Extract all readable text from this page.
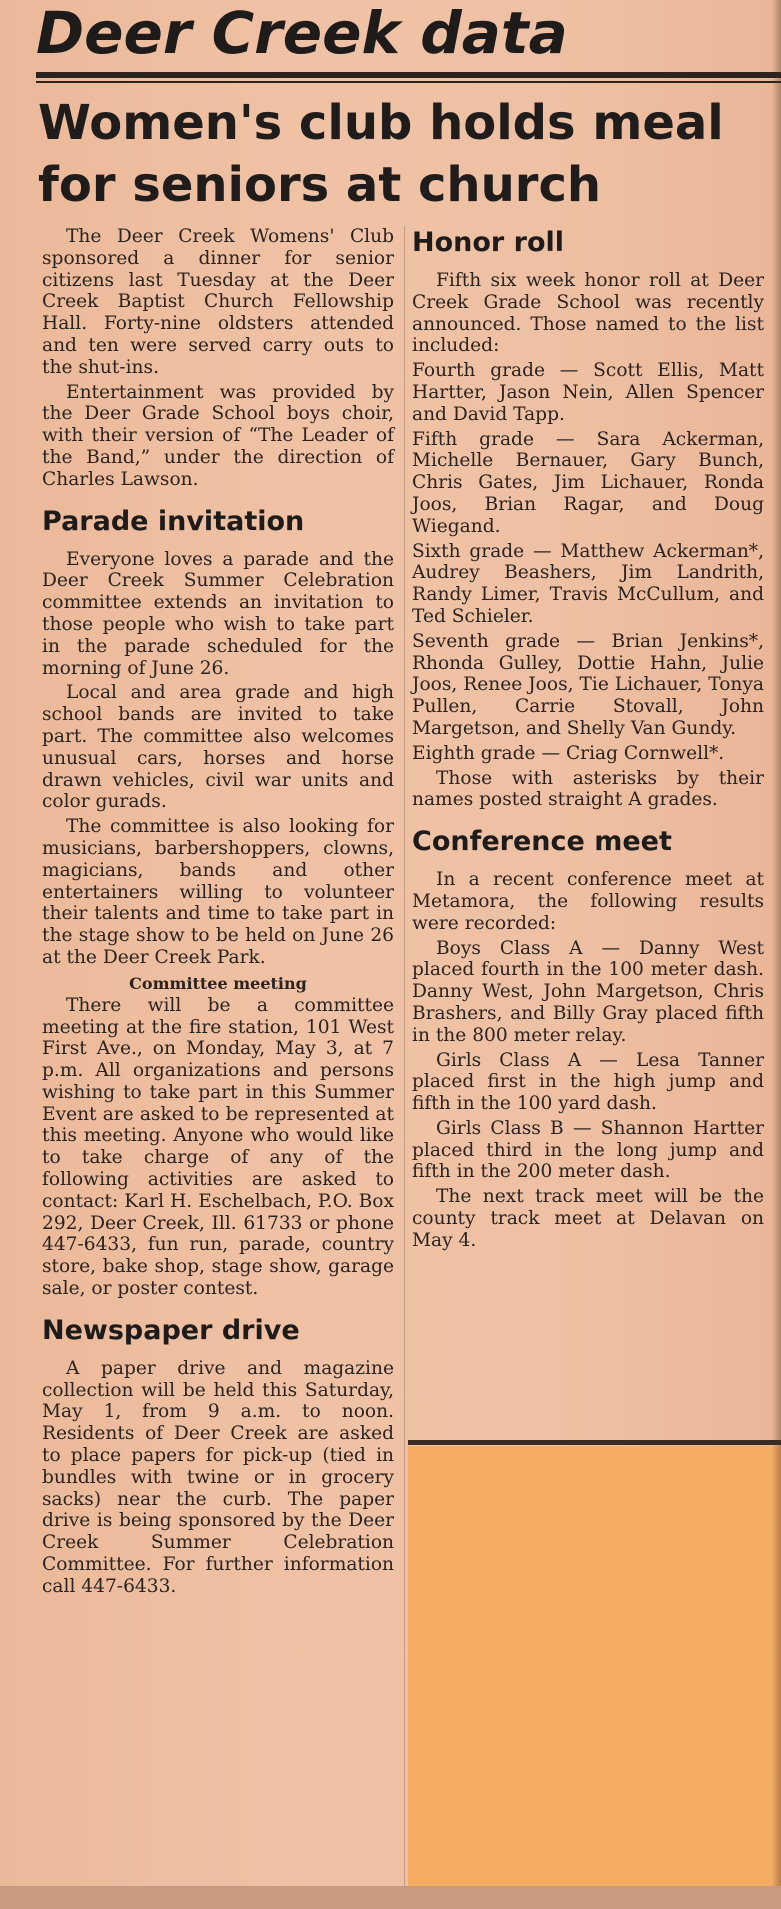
Deer Creek data
Women's club holds meal for seniors at church

The Deer Creek Womens' Club sponsored a dinner for senior citizens last Tuesday at the Deer Creek Baptist Church Fellowship Hall. Forty-nine oldsters attended and ten were served carry outs to the shut-ins.

Entertainment was provided by the Deer Grade School boys choir, with their version of “The Leader of the Band,” under the direction of Charles Lawson.

Parade invitation

Everyone loves a parade and the Deer Creek Summer Celebration committee extends an invitation to those people who wish to take part in the parade scheduled for the morning of June 26.

Local and area grade and high school bands are invited to take part. The committee also welcomes unusual cars, horses and horse drawn vehicles, civil war units and color gurads.

The committee is also looking for musicians, barbershoppers, clowns, magicians, bands and other entertainers willing to volunteer their talents and time to take part in the stage show to be held on June 26 at the Deer Creek Park.

Committee meeting

There will be a committee meeting at the fire station, 101 West First Ave., on Monday, May 3, at 7 p.m. All organizations and persons wishing to take part in this Summer Event are asked to be represented at this meeting. Anyone who would like to take charge of any of the following activities are asked to contact: Karl H. Eschelbach, P.O. Box 292, Deer Creek, Ill. 61733 or phone 447-6433, fun run, parade, country store, bake shop, stage show, garage sale, or poster contest.

Newspaper drive

A paper drive and magazine collection will be held this Saturday, May 1, from 9 a.m. to noon. Residents of Deer Creek are asked to place papers for pick-up (tied in bundles with twine or in grocery sacks) near the curb. The paper drive is being sponsored by the Deer Creek Summer Celebration Committee. For further information call 447-6433.

Honor roll

Fifth six week honor roll at Deer Creek Grade School was recently announced. Those named to the list included:

Fourth grade — Scott Ellis, Matt Hartter, Jason Nein, Allen Spencer and David Tapp.

Fifth grade — Sara Ackerman, Michelle Bernauer, Gary Bunch, Chris Gates, Jim Lichauer, Ronda Joos, Brian Ragar, and Doug Wiegand.

Sixth grade — Matthew Ackerman*, Audrey Beashers, Jim Landrith, Randy Limer, Travis McCullum, and Ted Schieler.

Seventh grade — Brian Jenkins*, Rhonda Gulley, Dottie Hahn, Julie Joos, Renee Joos, Tie Lichauer, Tonya Pullen, Carrie Stovall, John Margetson, and Shelly Van Gundy.

Eighth grade — Criag Cornwell*.

Those with asterisks by their names posted straight A grades.

Conference meet

In a recent conference meet at Metamora, the following results were recorded:

Boys Class A — Danny West placed fourth in the 100 meter dash. Danny West, John Margetson, Chris Brashers, and Billy Gray placed fifth in the 800 meter relay.

Girls Class A — Lesa Tanner placed first in the high jump and fifth in the 100 yard dash.

Girls Class B — Shannon Hartter placed third in the long jump and fifth in the 200 meter dash.

The next track meet will be the county track meet at Delavan on May 4.
